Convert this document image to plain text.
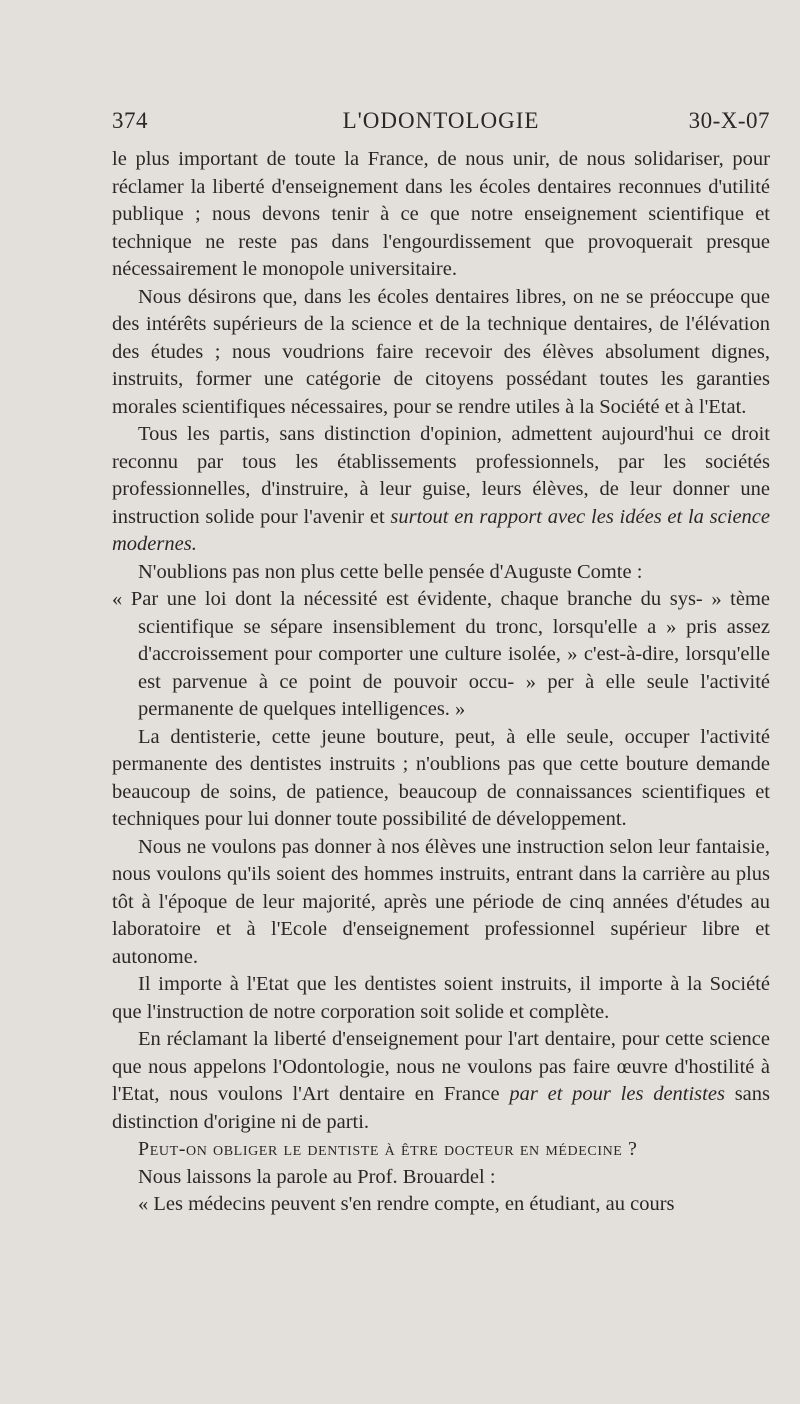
374	L'ODONTOLOGIE	30-X-07

le plus important de toute la France, de nous unir, de nous solidariser, pour réclamer la liberté d'enseignement dans les écoles dentaires reconnues d'utilité publique ; nous devons tenir à ce que notre enseignement scientifique et technique ne reste pas dans l'engourdissement que provoquerait presque nécessairement le monopole universitaire.

Nous désirons que, dans les écoles dentaires libres, on ne se préoccupe que des intérêts supérieurs de la science et de la technique dentaires, de l'élévation des études ; nous voudrions faire recevoir des élèves absolument dignes, instruits, former une catégorie de citoyens possédant toutes les garanties morales scientifiques nécessaires, pour se rendre utiles à la Société et à l'Etat.

Tous les partis, sans distinction d'opinion, admettent aujourd'hui ce droit reconnu par tous les établissements professionnels, par les sociétés professionnelles, d'instruire, à leur guise, leurs élèves, de leur donner une instruction solide pour l'avenir et surtout en rapport avec les idées et la science modernes.

N'oublions pas non plus cette belle pensée d'Auguste Comte :

« Par une loi dont la nécessité est évidente, chaque branche du sys- » tème scientifique se sépare insensiblement du tronc, lorsqu'elle a » pris assez d'accroissement pour comporter une culture isolée, » c'est-à-dire, lorsqu'elle est parvenue à ce point de pouvoir occu- » per à elle seule l'activité permanente de quelques intelligences. »

La dentisterie, cette jeune bouture, peut, à elle seule, occuper l'activité permanente des dentistes instruits ; n'oublions pas que cette bouture demande beaucoup de soins, de patience, beaucoup de connaissances scientifiques et techniques pour lui donner toute possibilité de développement.

Nous ne voulons pas donner à nos élèves une instruction selon leur fantaisie, nous voulons qu'ils soient des hommes instruits, entrant dans la carrière au plus tôt à l'époque de leur majorité, après une période de cinq années d'études au laboratoire et à l'Ecole d'enseignement professionnel supérieur libre et autonome.

Il importe à l'Etat que les dentistes soient instruits, il importe à la Société que l'instruction de notre corporation soit solide et complète.

En réclamant la liberté d'enseignement pour l'art dentaire, pour cette science que nous appelons l'Odontologie, nous ne voulons pas faire œuvre d'hostilité à l'Etat, nous voulons l'Art dentaire en France par et pour les dentistes sans distinction d'origine ni de parti.

Peut-on obliger le dentiste à être docteur en médecine ?

Nous laissons la parole au Prof. Brouardel :

« Les médecins peuvent s'en rendre compte, en étudiant, au cours
